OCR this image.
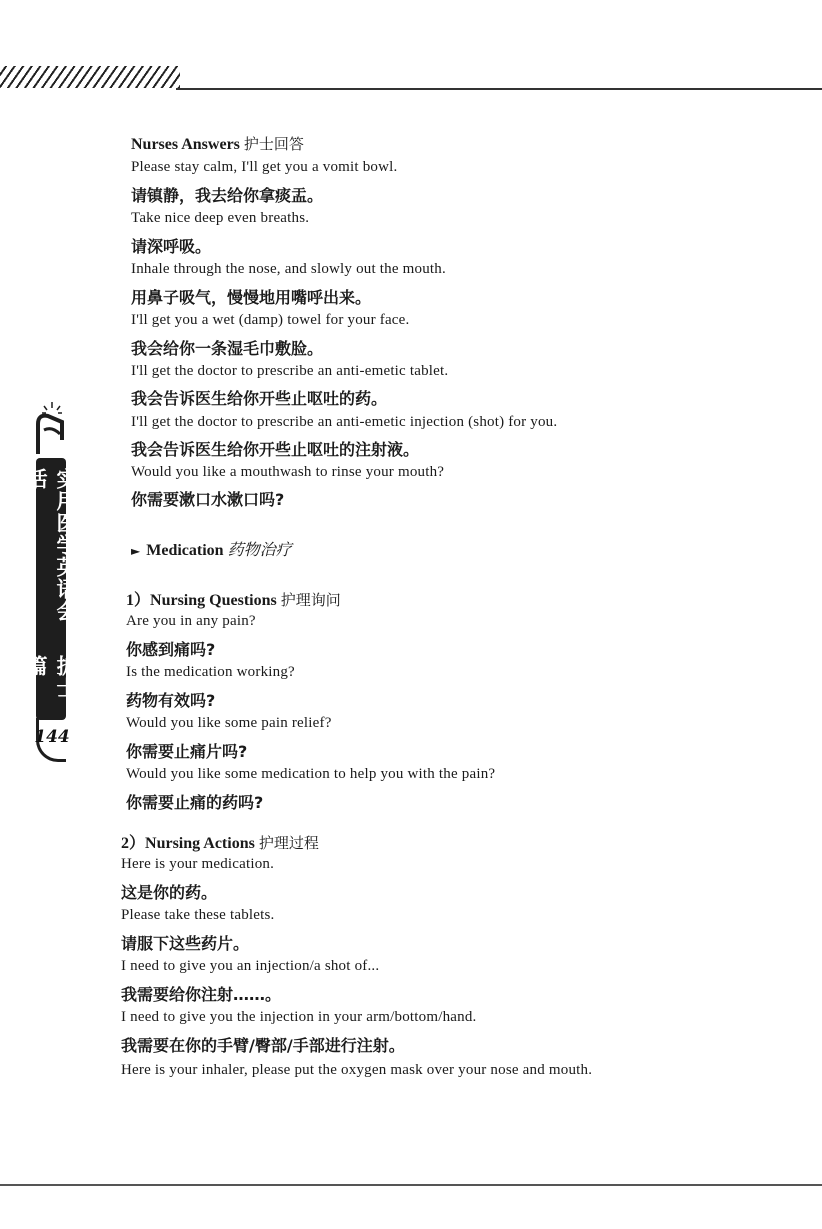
实用医学英语会话
护士篇
144
Nurses Answers 护士回答
Please stay calm, I'll get you a vomit bowl.
请镇静，我去给你拿痰盂。
Take nice deep even breaths.
请深呼吸。
Inhale through the nose, and slowly out the mouth.
用鼻子吸气，慢慢地用嘴呼出来。
I'll get you a wet (damp) towel for your face.
我会给你一条湿毛巾敷脸。
I'll get the doctor to prescribe an anti-emetic tablet.
我会告诉医生给你开些止呕吐的药。
I'll get the doctor to prescribe an anti-emetic injection (shot) for you.
我会告诉医生给你开些止呕吐的注射液。
Would you like a mouthwash to rinse your mouth?
你需要漱口水漱口吗?
► Medication 药物治疗
1）Nursing Questions 护理询问
Are you in any pain?
你感到痛吗?
Is the medication working?
药物有效吗?
Would you like some pain relief?
你需要止痛片吗?
Would you like some medication to help you with the pain?
你需要止痛的药吗?
2）Nursing Actions 护理过程
Here is your medication.
这是你的药。
Please take these tablets.
请服下这些药片。
I need to give you an injection/a shot of...
我需要给你注射……。
I need to give you the injection in your arm/bottom/hand.
我需要在你的手臂/臀部/手部进行注射。
Here is your inhaler, please put the oxygen mask over your nose and mouth.
